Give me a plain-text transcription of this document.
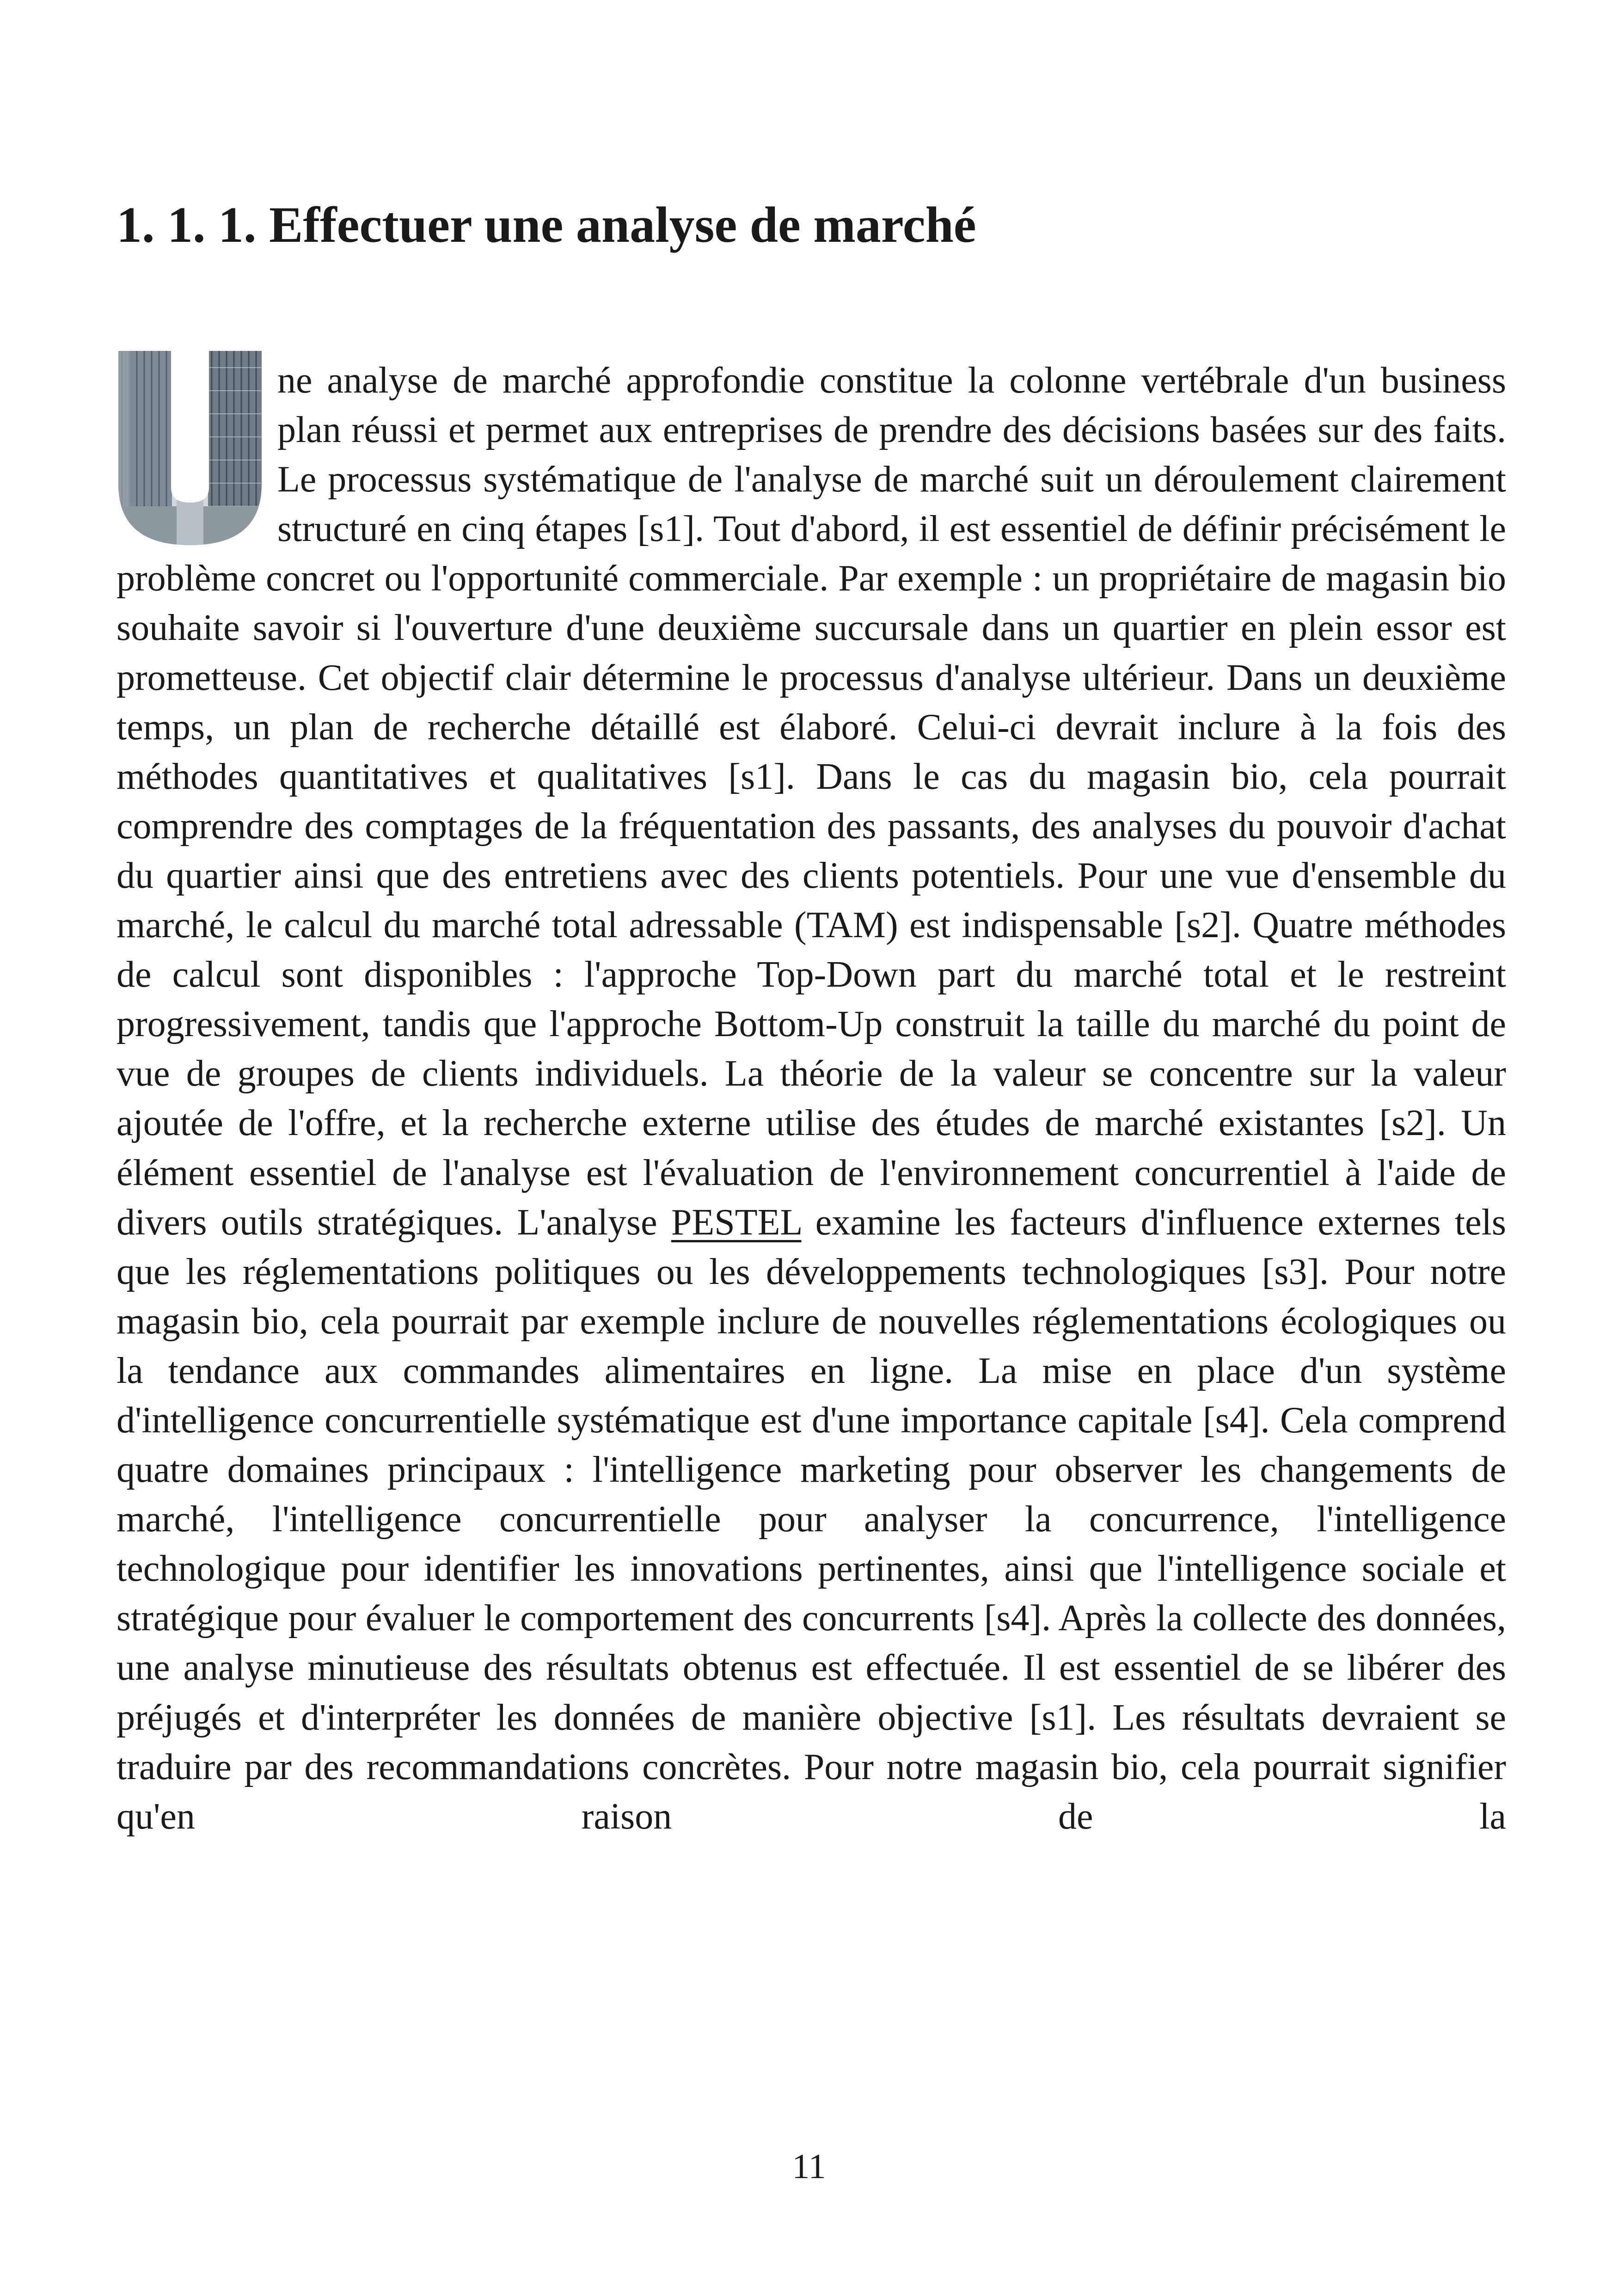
1. 1. 1. Effectuer une analyse de marché
ne analyse de marché approfondie constitue la colonne vertébrale d'un business plan réussi et permet aux entreprises de prendre des décisions basées sur des faits. Le processus systématique de l'analyse de marché suit un déroulement clairement structuré en cinq étapes [s1]. Tout d'abord, il est essentiel de définir précisément le problème concret ou l'opportunité commerciale. Par exemple : un propriétaire de magasin bio souhaite savoir si l'ouverture d'une deuxième succursale dans un quartier en plein essor est prometteuse. Cet objectif clair détermine le processus d'analyse ultérieur. Dans un deuxième temps, un plan de recherche détaillé est élaboré. Celui-ci devrait inclure à la fois des méthodes quantitatives et qualitatives [s1]. Dans le cas du magasin bio, cela pourrait comprendre des comptages de la fréquentation des passants, des analyses du pouvoir d'achat du quartier ainsi que des entretiens avec des clients potentiels. Pour une vue d'ensemble du marché, le calcul du marché total adressable (TAM) est indispensable [s2]. Quatre méthodes de calcul sont disponibles : l'approche Top-Down part du marché total et le restreint progressivement, tandis que l'approche Bottom-Up construit la taille du marché du point de vue de groupes de clients individuels. La théorie de la valeur se concentre sur la valeur ajoutée de l'offre, et la recherche externe utilise des études de marché existantes [s2]. Un élément essentiel de l'analyse est l'évaluation de l'environnement concurrentiel à l'aide de divers outils stratégiques. L'analyse PESTEL examine les facteurs d'influence externes tels que les réglementations politiques ou les développements technologiques [s3]. Pour notre magasin bio, cela pourrait par exemple inclure de nouvelles réglementations écologiques ou la tendance aux commandes alimentaires en ligne. La mise en place d'un système d'intelligence concurrentielle systématique est d'une importance capitale [s4]. Cela comprend quatre domaines principaux : l'intelligence marketing pour observer les changements de marché, l'intelligence concurrentielle pour analyser la concurrence, l'intelligence technologique pour identifier les innovations pertinentes, ainsi que l'intelligence sociale et stratégique pour évaluer le comportement des concurrents [s4]. Après la collecte des données, une analyse minutieuse des résultats obtenus est effectuée. Il est essentiel de se libérer des préjugés et d'interpréter les données de manière objective [s1]. Les résultats devraient se traduire par des recommandations concrètes. Pour notre magasin bio, cela pourrait signifier qu'en raison de la
11
